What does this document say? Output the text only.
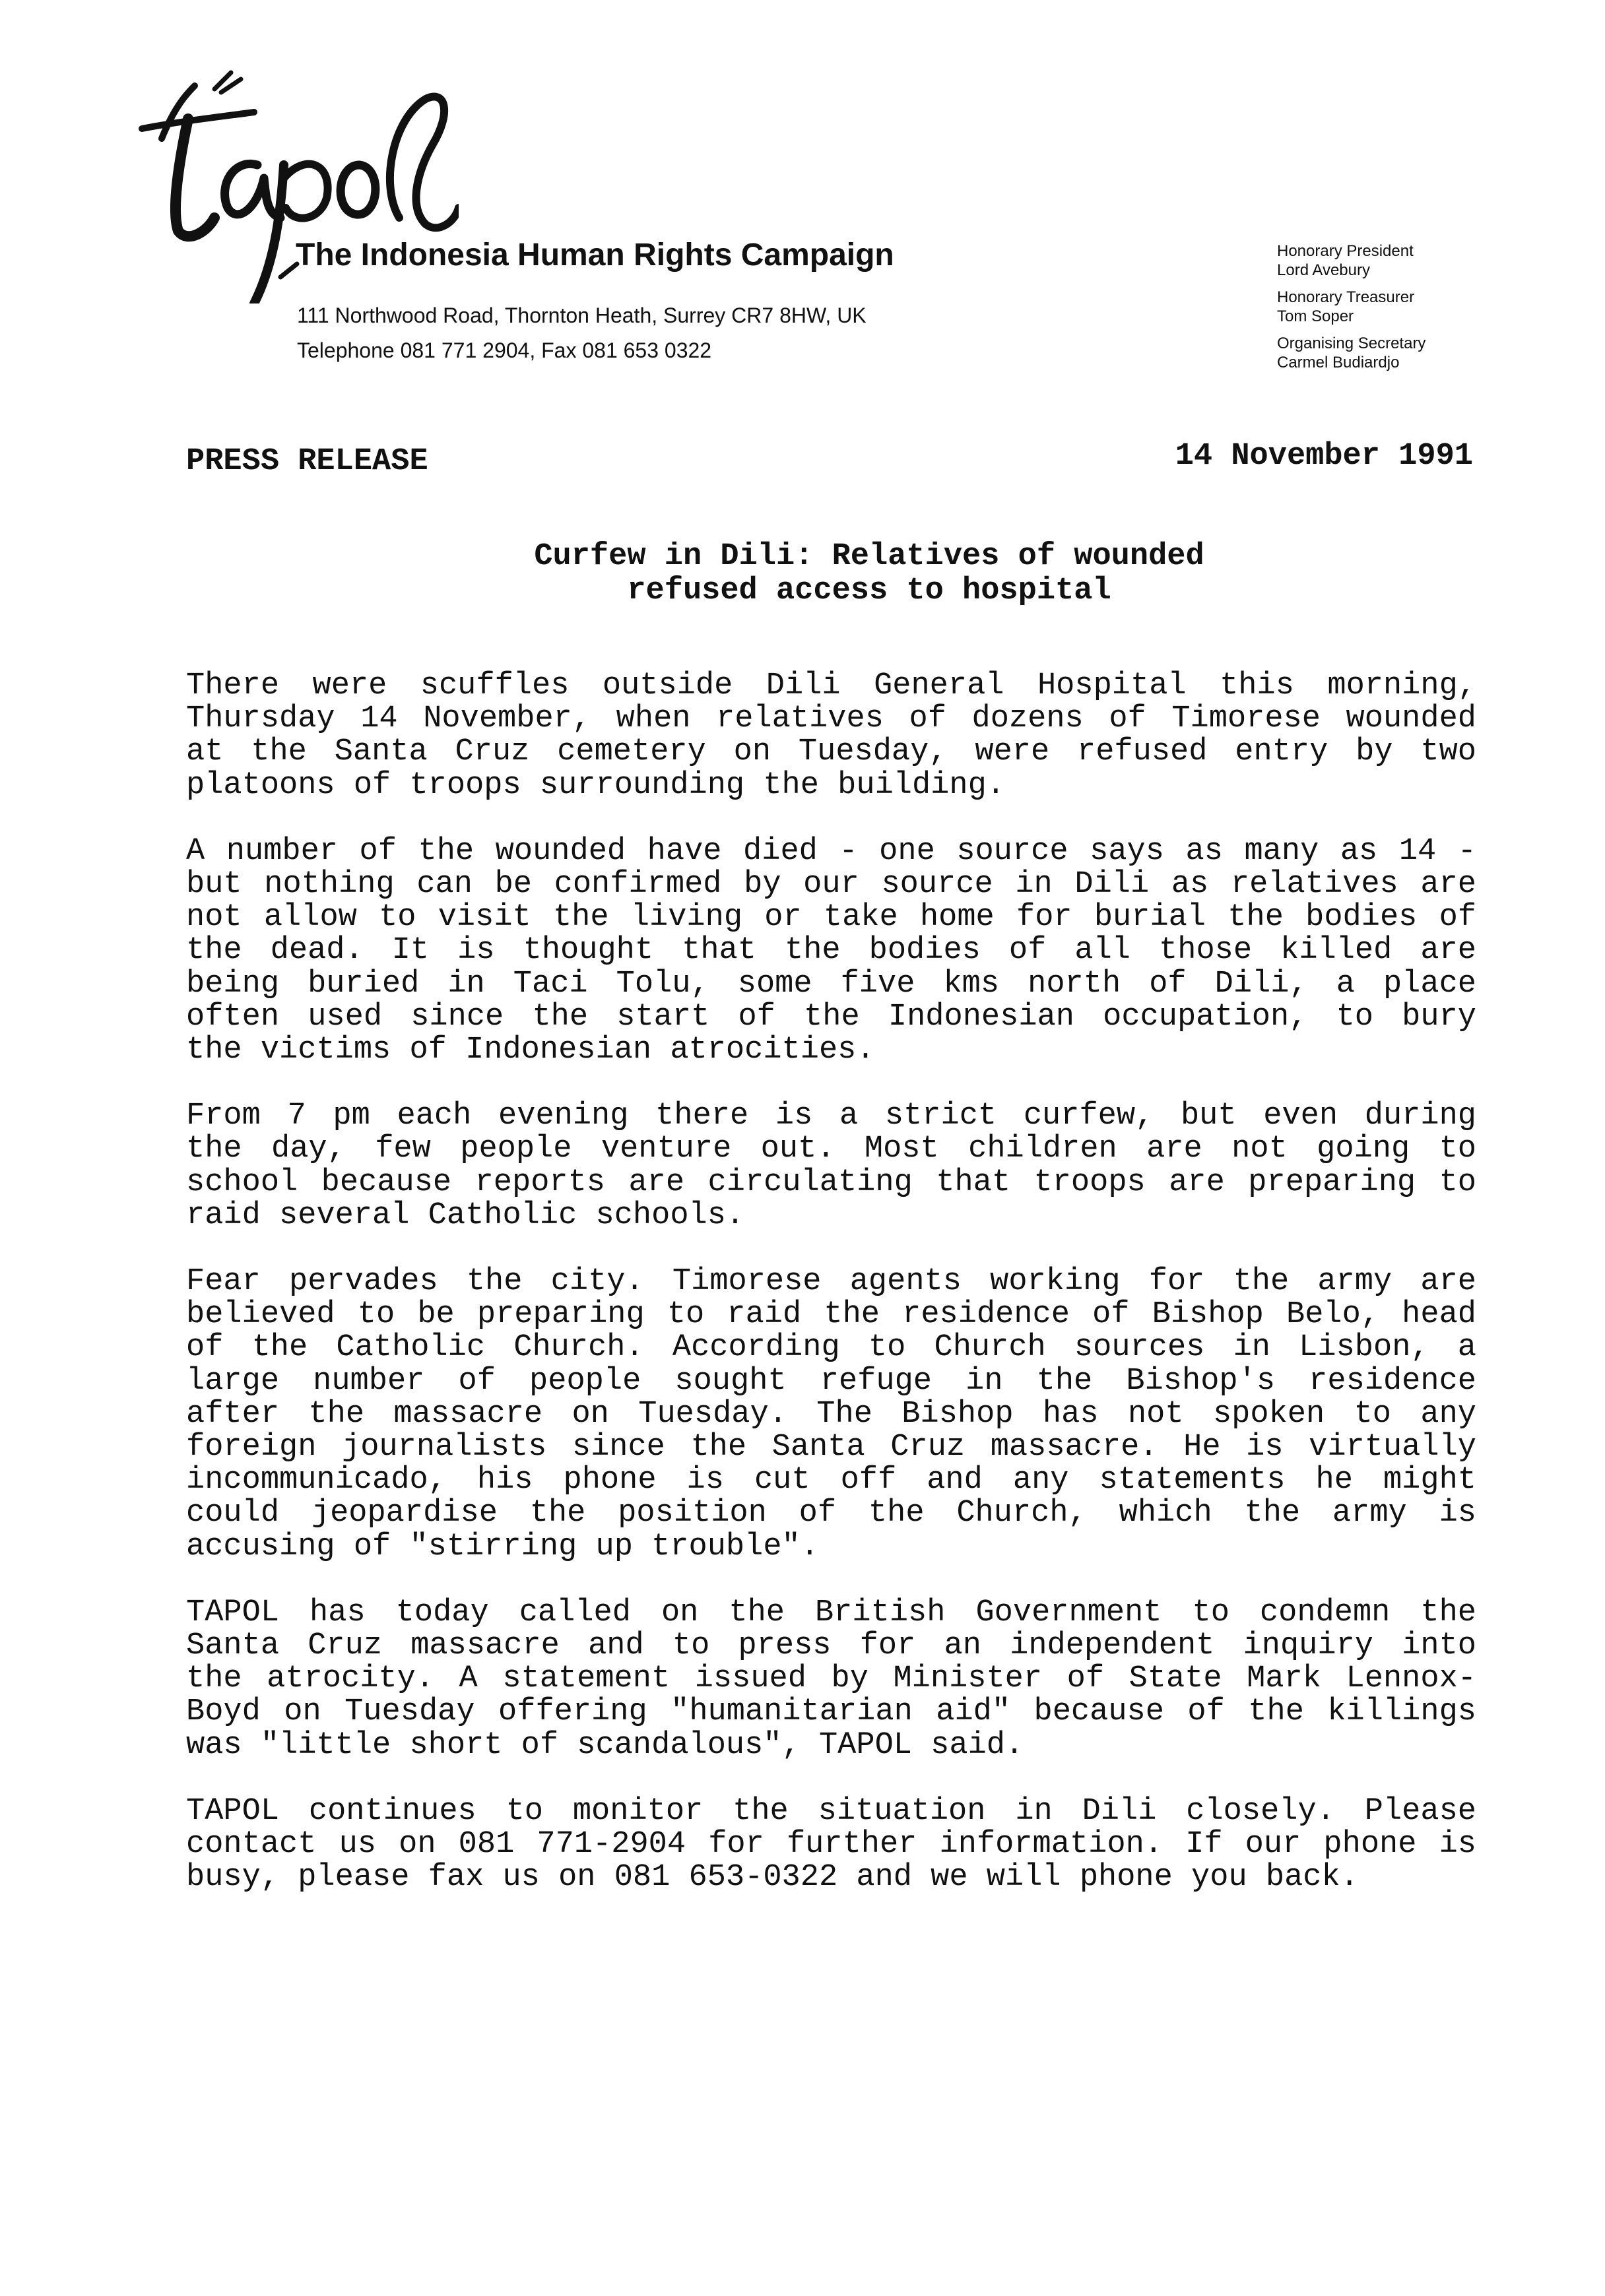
The Indonesia Human Rights Campaign
111 Northwood Road, Thornton Heath, Surrey CR7 8HW, UK
Telephone 081 771 2904, Fax 081 653 0322
Honorary President
Lord Avebury
Honorary Treasurer
Tom Soper
Organising Secretary
Carmel Budiardjo
PRESS RELEASE	14 November 1991
Curfew in Dili: Relatives of wounded
refused access to hospital
There were scuffles outside Dili General Hospital this morning,
Thursday 14 November, when relatives of dozens of Timorese wounded
at the Santa Cruz cemetery on Tuesday, were refused entry by two
platoons of troops surrounding the building.
A number of the wounded have died - one source says as many as 14 -
but nothing can be confirmed by our source in Dili as relatives are
not allow to visit the living or take home for burial the bodies of
the dead. It is thought that the bodies of all those killed are
being buried in Taci Tolu, some five kms north of Dili, a place
often used since the start of the Indonesian occupation, to bury
the victims of Indonesian atrocities.
From 7 pm each evening there is a strict curfew, but even during
the day, few people venture out. Most children are not going to
school because reports are circulating that troops are preparing to
raid several Catholic schools.
Fear pervades the city. Timorese agents working for the army are
believed to be preparing to raid the residence of Bishop Belo, head
of the Catholic Church. According to Church sources in Lisbon, a
large number of people sought refuge in the Bishop's residence
after the massacre on Tuesday. The Bishop has not spoken to any
foreign journalists since the Santa Cruz massacre. He is virtually
incommunicado, his phone is cut off and any statements he might
could jeopardise the position of the Church, which the army is
accusing of "stirring up trouble".
TAPOL has today called on the British Government to condemn the
Santa Cruz massacre and to press for an independent inquiry into
the atrocity. A statement issued by Minister of State Mark Lennox-
Boyd on Tuesday offering "humanitarian aid" because of the killings
was "little short of scandalous", TAPOL said.
TAPOL continues to monitor the situation in Dili closely. Please
contact us on 081 771-2904 for further information. If our phone is
busy, please fax us on 081 653-0322 and we will phone you back.
